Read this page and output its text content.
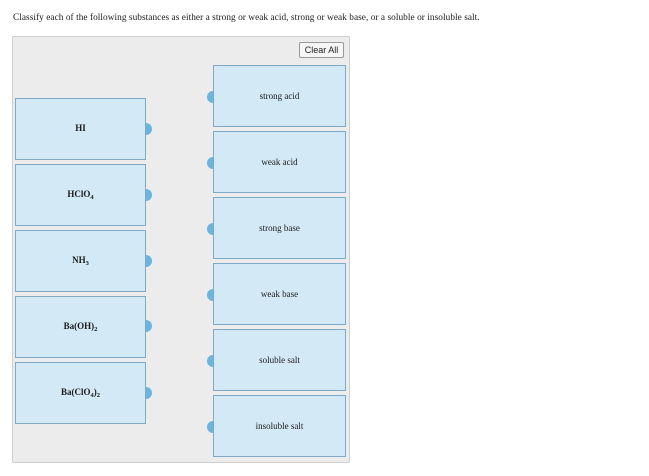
Classify each of the following substances as either a strong or weak acid, strong or weak base, or a soluble or insoluble salt.
Clear All
HI
HClO$_4$
$NH_3$
$Ba(OH)_2$
$Ba(ClO_4)_2$
strong acid
weak acid
strong base
weak base
soluble salt
insoluble salt
